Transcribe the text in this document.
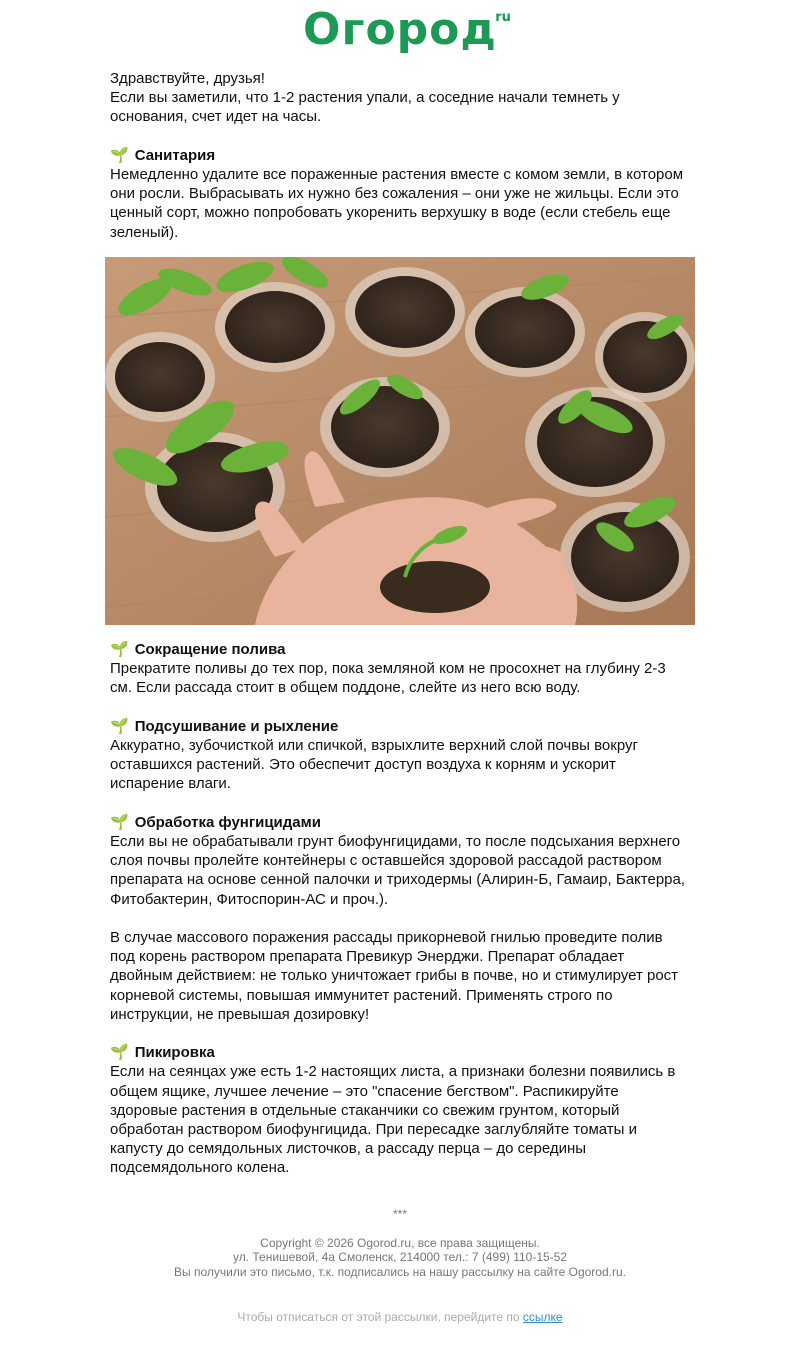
Огород
ru

Здравствуйте, друзья!

Если вы заметили, что 1-2 растения упали, а соседние начали темнеть у основания, счет идет на часы.

🌱 Санитария

Немедленно удалите все пораженные растения вместе с комом земли, в котором они росли. Выбрасывать их нужно без сожаления – они уже не жильцы. Если это ценный сорт, можно попробовать укоренить верхушку в воде (если стебель еще зеленый).

🌱 Сокращение полива

Прекратите поливы до тех пор, пока земляной ком не просохнет на глубину 2-3 см. Если рассада стоит в общем поддоне, слейте из него всю воду.

🌱 Подсушивание и рыхление

Аккуратно, зубочисткой или спичкой, взрыхлите верхний слой почвы вокруг оставшихся растений. Это обеспечит доступ воздуха к корням и ускорит испарение влаги.

🌱 Обработка фунгицидами

Если вы не обрабатывали грунт биофунгицидами, то после подсыхания верхнего слоя почвы пролейте контейнеры с оставшейся здоровой рассадой раствором препарата на основе сенной палочки и триходермы (Алирин-Б, Гамаир, Бактерра, Фитобактерин, Фитоспорин-АС и проч.).

В случае массового поражения рассады прикорневой гнилью проведите полив под корень раствором препарата Превикур Энерджи. Препарат обладает двойным действием: не только уничтожает грибы в почве, но и стимулирует рост корневой системы, повышая иммунитет растений. Применять строго по инструкции, не превышая дозировку!

🌱 Пикировка

Если на сеянцах уже есть 1-2 настоящих листа, а признаки болезни появились в общем ящике, лучшее лечение – это "спасение бегством". Распикируйте здоровые растения в отдельные стаканчики со свежим грунтом, который обработан раствором биофунгицида. При пересадке заглубляйте томаты и капусту до семядольных листочков, а рассаду перца – до середины подсемядольного колена.

***
Copyright © 2026 Ogorod.ru, все права защищены.
ул. Тенишевой, 4а Смоленск, 214000 тел.: 7 (499) 110-15-52
Вы получили это письмо, т.к. подписались на нашу рассылку на сайте Ogorod.ru.
Чтобы отписаться от этой рассылки, перейдите по ссылке
